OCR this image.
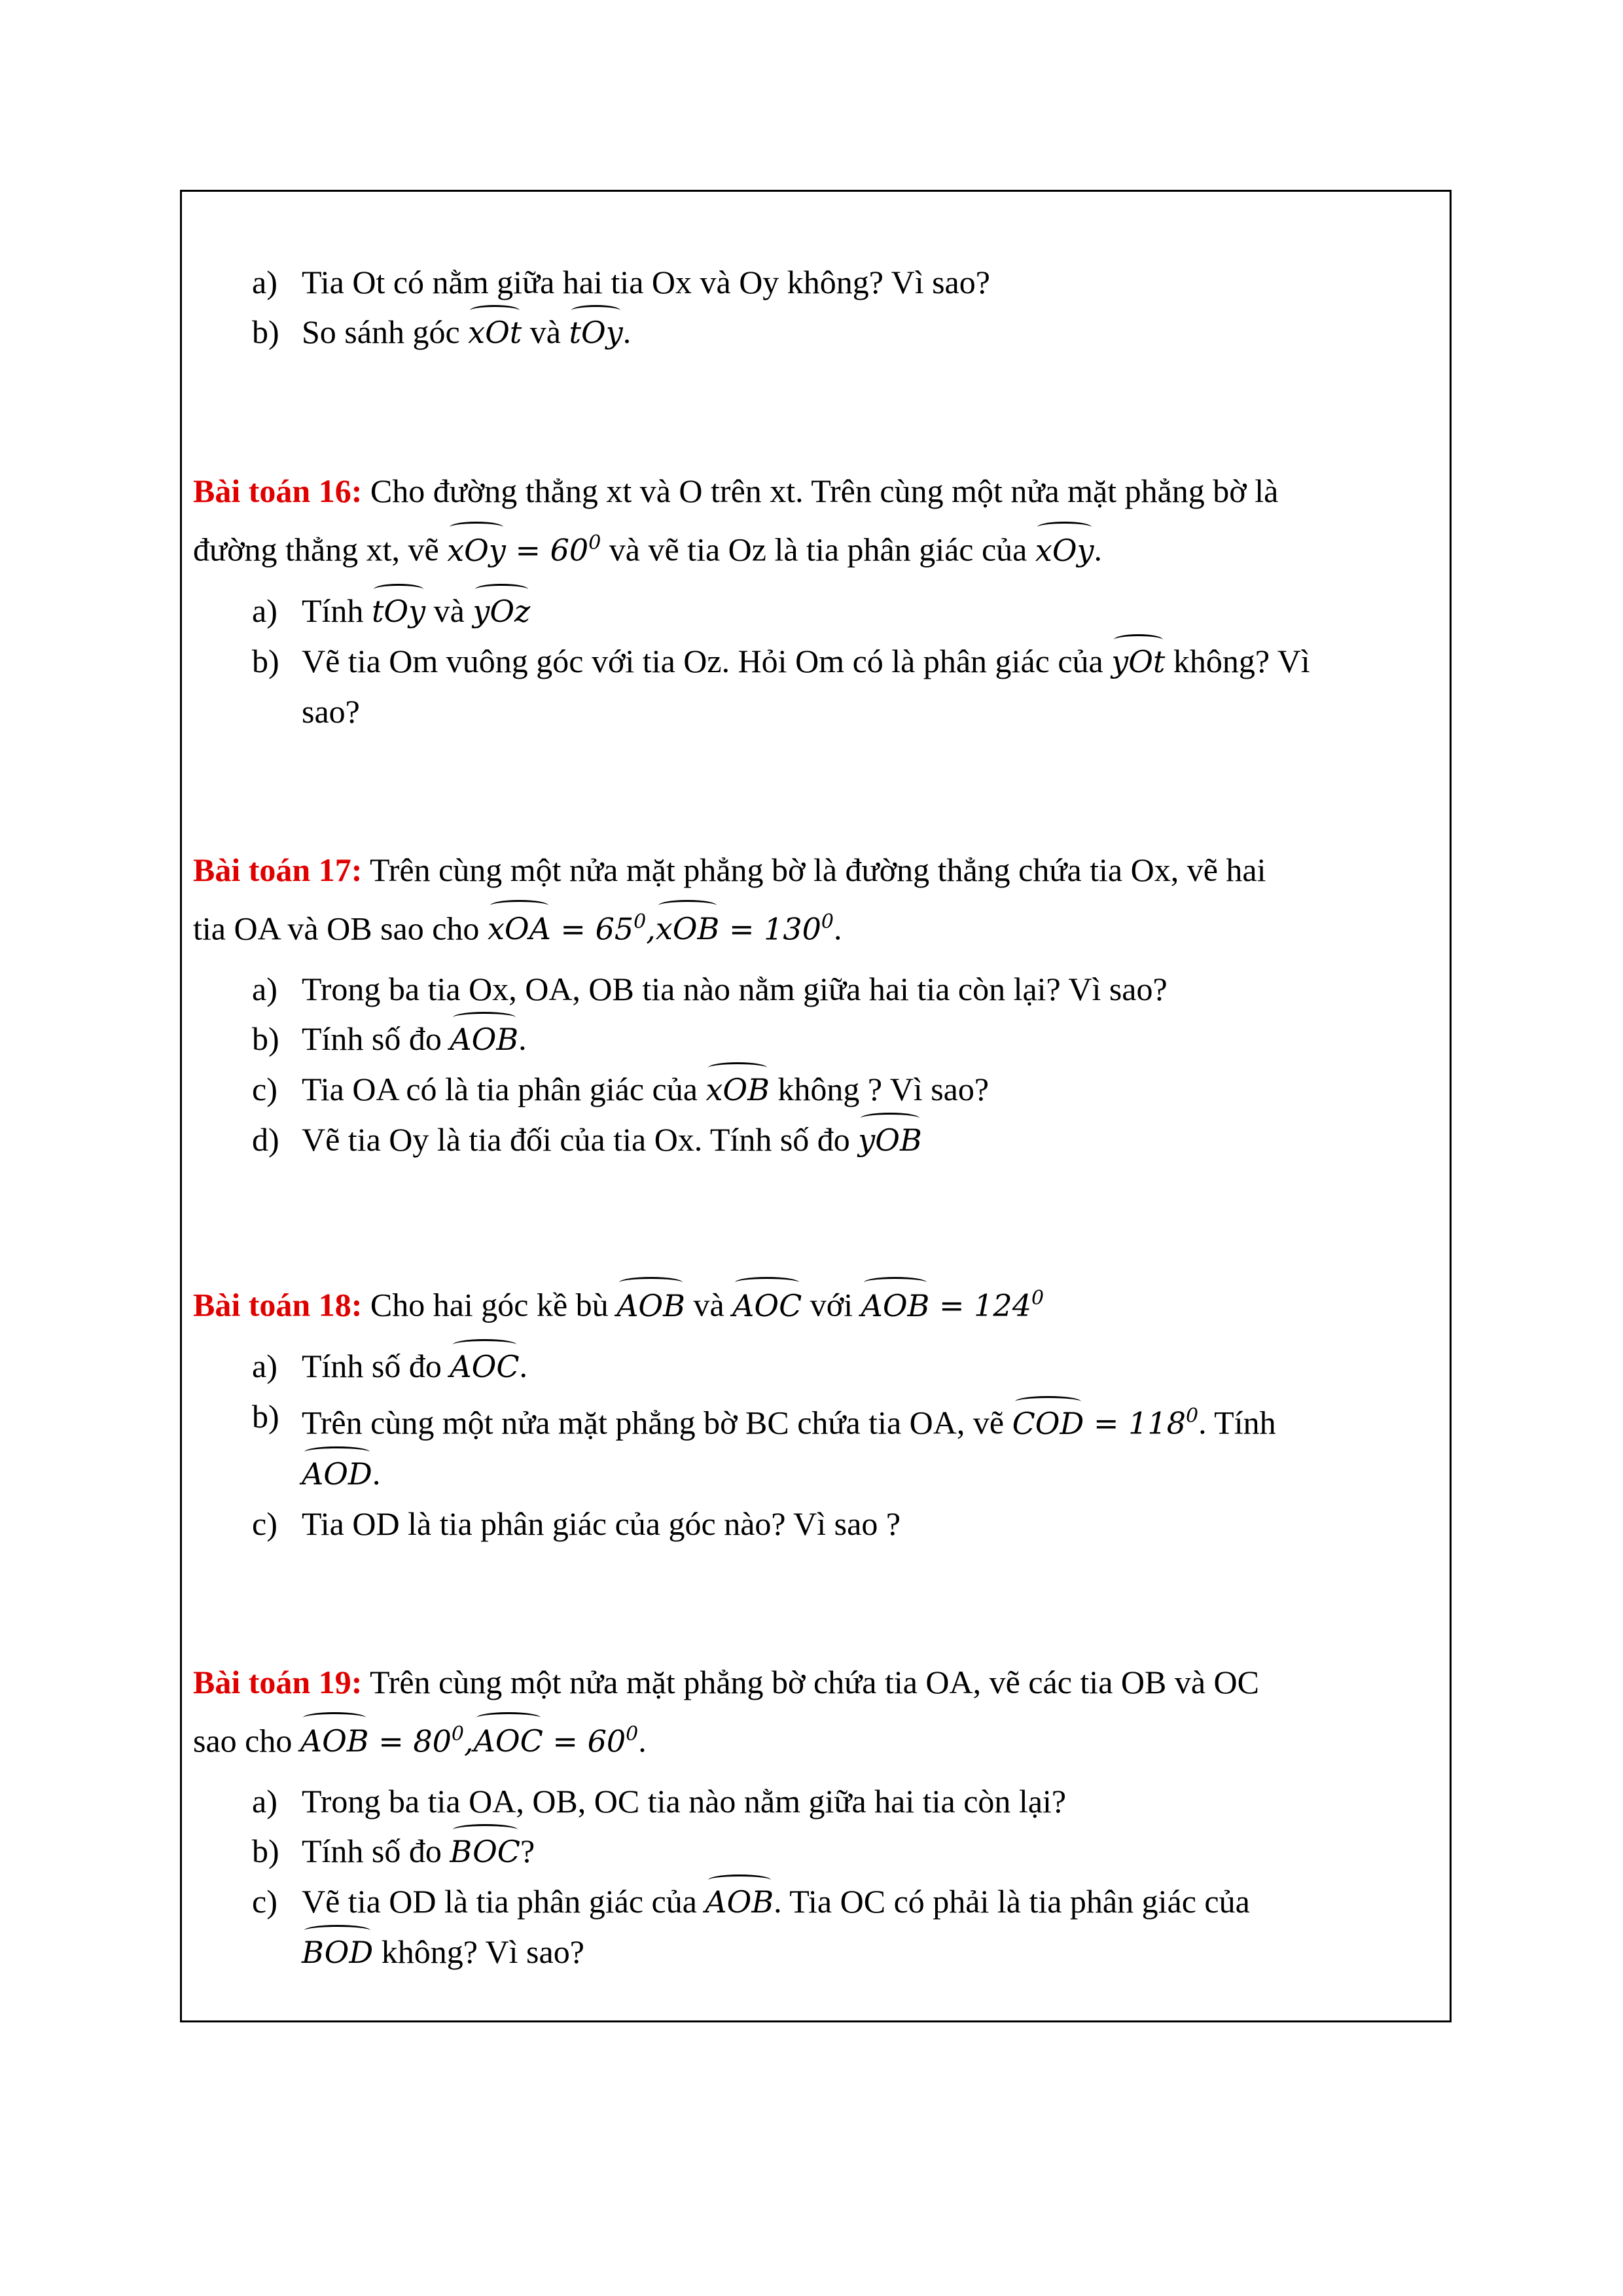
a) Tia Ot có nằm giữa hai tia Ox và Oy không? Vì sao?
b) So sánh góc xOt và tOy.

Bài toán 16: Cho đường thẳng xt và O trên xt. Trên cùng một nửa mặt phẳng bờ là
đường thẳng xt, vẽ xOy = $60^0$ và vẽ tia Oz là tia phân giác của xOy.

a) Tính tOy và yOz
b) Vẽ tia Om vuông góc với tia Oz. Hỏi Om có là phân giác của yOt không? Vì
sao?

Bài toán 17: Trên cùng một nửa mặt phẳng bờ là đường thẳng chứa tia Ox, vẽ hai
tia OA và OB sao cho xOA = $65^0,xOB = 130^0$.

a) Trong ba tia Ox, OA, OB tia nào nằm giữa hai tia còn lại? Vì sao?
b) Tính số đo AOB.
c) Tia OA có là tia phân giác của xOB không ? Vì sao?
d) Vẽ tia Oy là tia đối của tia Ox. Tính số đo yOB

Bài toán 18: Cho hai góc kề bù AOB và AOC với AOB = $124^0$

a) Tính số đo AOC.
b) Trên cùng một nửa mặt phẳng bờ BC chứa tia OA, vẽ COD = $118^0$. Tính
AOD.
c) Tia OD là tia phân giác của góc nào? Vì sao ?

Bài toán 19: Trên cùng một nửa mặt phẳng bờ chứa tia OA, vẽ các tia OB và OC
sao cho AOB = $80^0,AOC = 60^0$.

a) Trong ba tia OA, OB, OC tia nào nằm giữa hai tia còn lại?
b) Tính số đo BOC?
c) Vẽ tia OD là tia phân giác của AOB. Tia OC có phải là tia phân giác của
BOD không? Vì sao?
